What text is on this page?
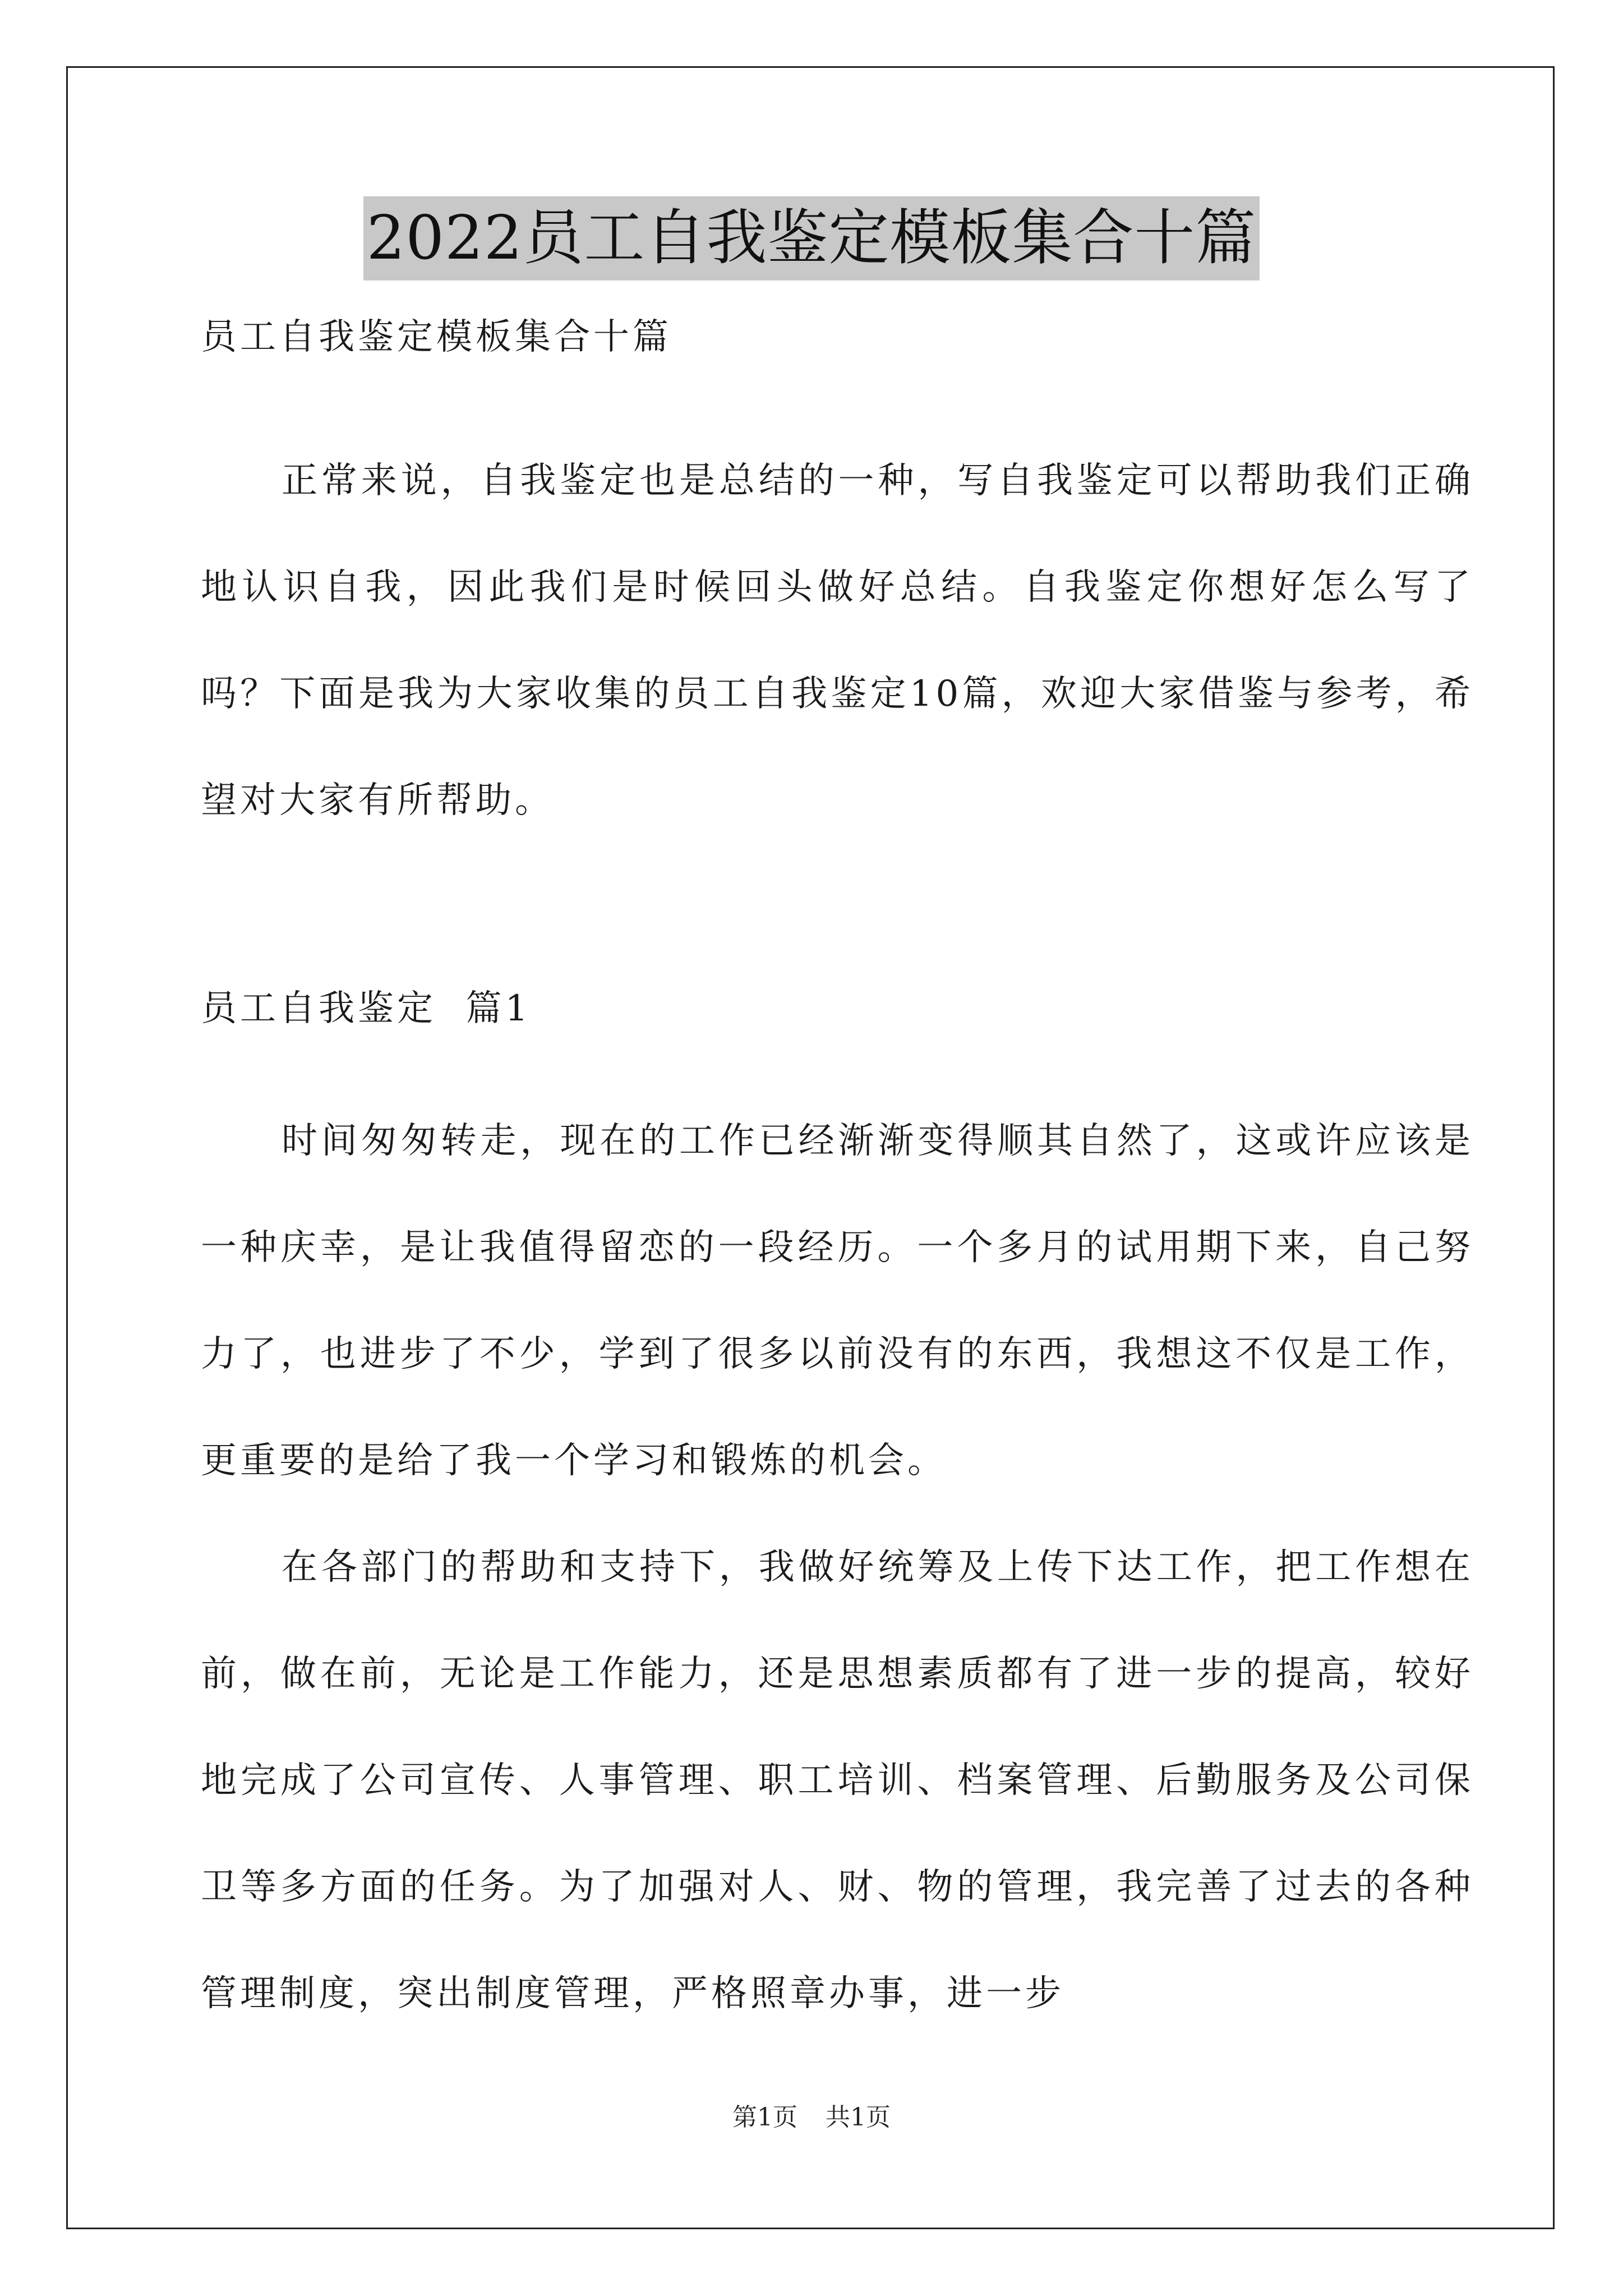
2022员工自我鉴定模板集合十篇

员工自我鉴定模板集合十篇

正常来说，自我鉴定也是总结的一种，写自我鉴定可以帮助我们正确地认识自我，因此我们是时候回头做好总结。自我鉴定你想好怎么写了吗？下面是我为大家收集的员工自我鉴定10篇，欢迎大家借鉴与参考，希望对大家有所帮助。

员工自我鉴定  篇1

时间匆匆转走，现在的工作已经渐渐变得顺其自然了，这或许应该是一种庆幸，是让我值得留恋的一段经历。一个多月的试用期下来，自己努力了，也进步了不少，学到了很多以前没有的东西，我想这不仅是工作，更重要的是给了我一个学习和锻炼的机会。

在各部门的帮助和支持下，我做好统筹及上传下达工作，把工作想在前，做在前，无论是工作能力，还是思想素质都有了进一步的提高，较好地完成了公司宣传、人事管理、职工培训、档案管理、后勤服务及公司保卫等多方面的任务。为了加强对人、财、物的管理，我完善了过去的各种管理制度，突出制度管理，严格照章办事，进一步

第1页 共1页
